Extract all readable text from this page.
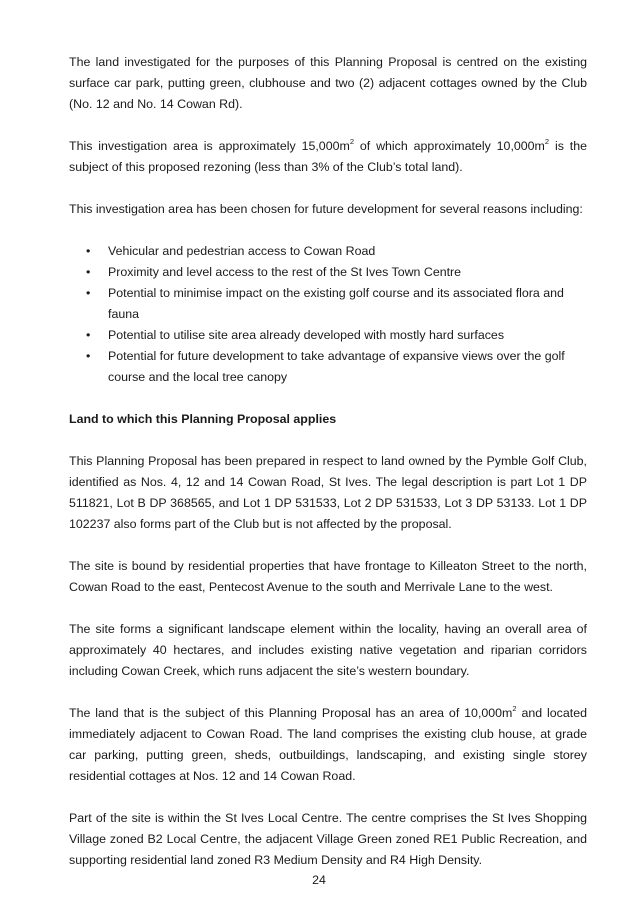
The land investigated for the purposes of this Planning Proposal is centred on the existing surface car park, putting green, clubhouse and two (2) adjacent cottages owned by the Club (No. 12 and No. 14 Cowan Rd).

This investigation area is approximately $15,000m^2$ of which approximately $10,000m^2$ is the subject of this proposed rezoning (less than 3% of the Club’s total land).

This investigation area has been chosen for future development for several reasons including:

• Vehicular and pedestrian access to Cowan Road
• Proximity and level access to the rest of the St Ives Town Centre
• Potential to minimise impact on the existing golf course and its associated flora and fauna
• Potential to utilise site area already developed with mostly hard surfaces
• Potential for future development to take advantage of expansive views over the golf course and the local tree canopy
Land to which this Planning Proposal applies

This Planning Proposal has been prepared in respect to land owned by the Pymble Golf Club, identified as Nos. 4, 12 and 14 Cowan Road, St Ives. The legal description is part Lot 1 DP 511821, Lot B DP 368565, and Lot 1 DP 531533, Lot 2 DP 531533, Lot 3 DP 53133. Lot 1 DP 102237 also forms part of the Club but is not affected by the proposal.

The site is bound by residential properties that have frontage to Killeaton Street to the north, Cowan Road to the east, Pentecost Avenue to the south and Merrivale Lane to the west.

The site forms a significant landscape element within the locality, having an overall area of approximately 40 hectares, and includes existing native vegetation and riparian corridors including Cowan Creek, which runs adjacent the site’s western boundary.

The land that is the subject of this Planning Proposal has an area of $10,000m^2$ and located immediately adjacent to Cowan Road. The land comprises the existing club house, at grade car parking, putting green, sheds, outbuildings, landscaping, and existing single storey residential cottages at Nos. 12 and 14 Cowan Road.

Part of the site is within the St Ives Local Centre. The centre comprises the St Ives Shopping Village zoned B2 Local Centre, the adjacent Village Green zoned RE1 Public Recreation, and supporting residential land zoned R3 Medium Density and R4 High Density.

24
